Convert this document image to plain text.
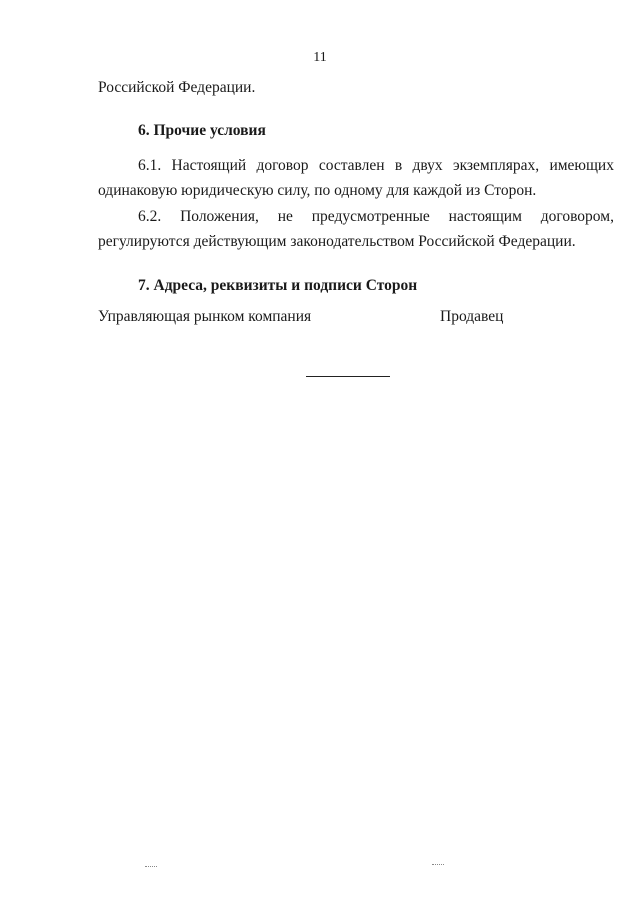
11
Российской Федерации.
6. Прочие условия
6.1. Настоящий договор составлен в двух экземплярах, имеющих
одинаковую юридическую силу, по одному для каждой из Сторон.
6.2. Положения, не предусмотренные настоящим договором,
регулируются действующим законодательством Российской Федерации.
7. Адреса, реквизиты и подписи Сторон
Управляющая рынком компания	Продавец
